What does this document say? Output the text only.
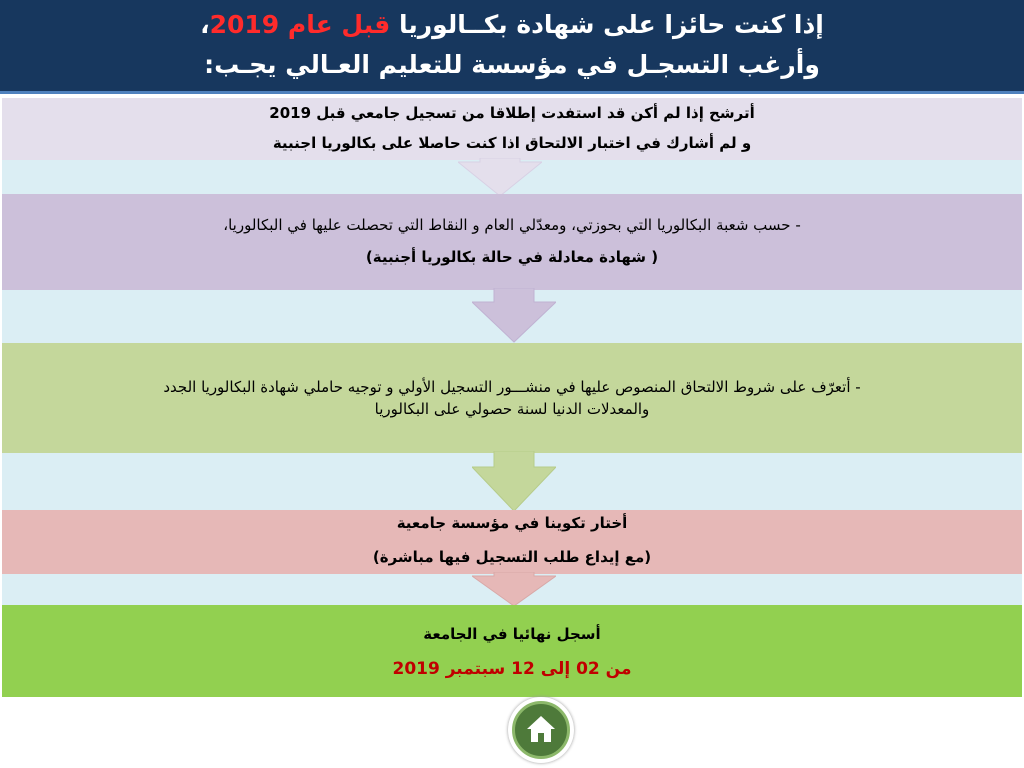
إذا كنت حائزا على شهادة بكــالوريا قبل عام 2019،
وأرغب التسجـل في مؤسسة للتعليم العـالي يجـب:
أترشح إذا لم أكن قد استفدت إطلاقا من تسجيل جامعي قبل 2019
و لم أشارك في اختبار الالتحاق اذا كنت حاصلا على بكالوريا اجنبية
- حسب شعبة البكالوريا التي بحوزتي، ومعدّلي العام و النقاط التي تحصلت عليها في البكالوريا،
( شهادة معادلة في حالة بكالوريا أجنبية)
- أتعرّف على شروط الالتحاق المنصوص عليها في منشـــور التسجيل الأولي و توجيه حاملي شهادة البكالوريا الجدد
والمعدلات الدنيا لسنة حصولي على البكالوريا
أختار تكوينا في مؤسسة جامعية
(مع إيداع طلب التسجيل فيها مباشرة)
أسجل نهائيا في الجامعة
من 02 إلى 12 سبتمبر 2019
